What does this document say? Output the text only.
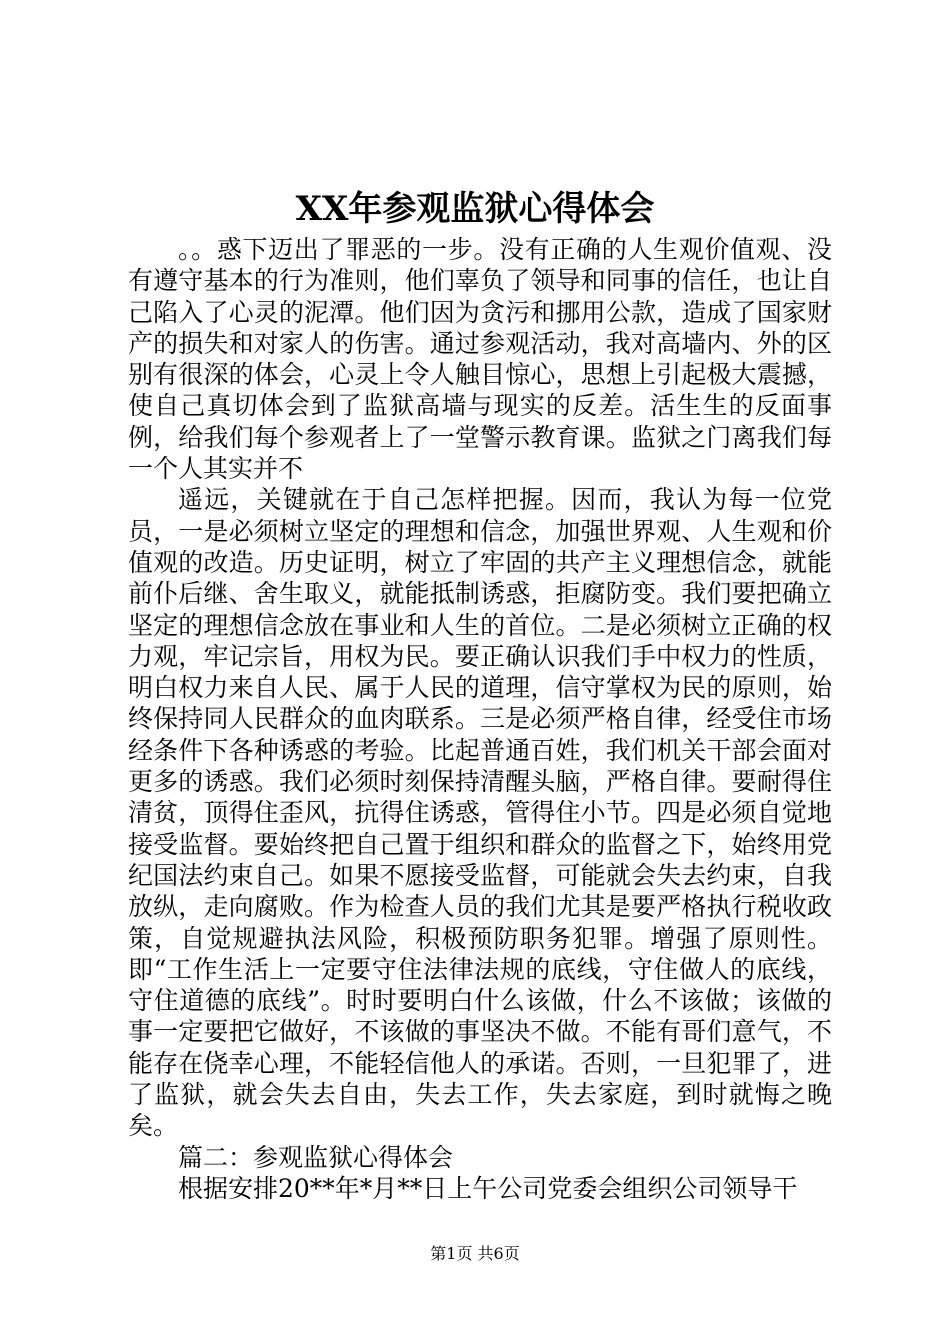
XX年参观监狱心得体会

。。惑下迈出了罪恶的一步。没有正确的人生观价值观、没有遵守基本的行为准则，他们辜负了领导和同事的信任，也让自己陷入了心灵的泥潭。他们因为贪污和挪用公款，造成了国家财产的损失和对家人的伤害。通过参观活动，我对高墙内、外的区别有很深的体会，心灵上令人触目惊心，思想上引起极大震撼，使自己真切体会到了监狱高墙与现实的反差。活生生的反面事例，给我们每个参观者上了一堂警示教育课。监狱之门离我们每一个人其实并不

遥远，关键就在于自己怎样把握。因而，我认为每一位党员，一是必须树立坚定的理想和信念，加强世界观、人生观和价值观的改造。历史证明，树立了牢固的共产主义理想信念，就能前仆后继、舍生取义，就能抵制诱惑，拒腐防变。我们要把确立坚定的理想信念放在事业和人生的首位。二是必须树立正确的权力观，牢记宗旨，用权为民。要正确认识我们手中权力的性质，明白权力来自人民、属于人民的道理，信守掌权为民的原则，始终保持同人民群众的血肉联系。三是必须严格自律，经受住市场经条件下各种诱惑的考验。比起普通百姓，我们机关干部会面对更多的诱惑。我们必须时刻保持清醒头脑，严格自律。要耐得住清贫，顶得住歪风，抗得住诱惑，管得住小节。四是必须自觉地接受监督。要始终把自己置于组织和群众的监督之下，始终用党纪国法约束自己。如果不愿接受监督，可能就会失去约束，自我放纵，走向腐败。作为检查人员的我们尤其是要严格执行税收政策，自觉规避执法风险，积极预防职务犯罪。增强了原则性。即“工作生活上一定要守住法律法规的底线，守住做人的底线，守住道德的底线”。时时要明白什么该做，什么不该做；该做的事一定要把它做好，不该做的事坚决不做。不能有哥们意气，不能存在侥幸心理，不能轻信他人的承诺。否则，一旦犯罪了，进了监狱，就会失去自由，失去工作，失去家庭，到时就悔之晚矣。

篇二：参观监狱心得体会

根据安排20**年*月**日上午公司党委会组织公司领导干

第1页 共6页
